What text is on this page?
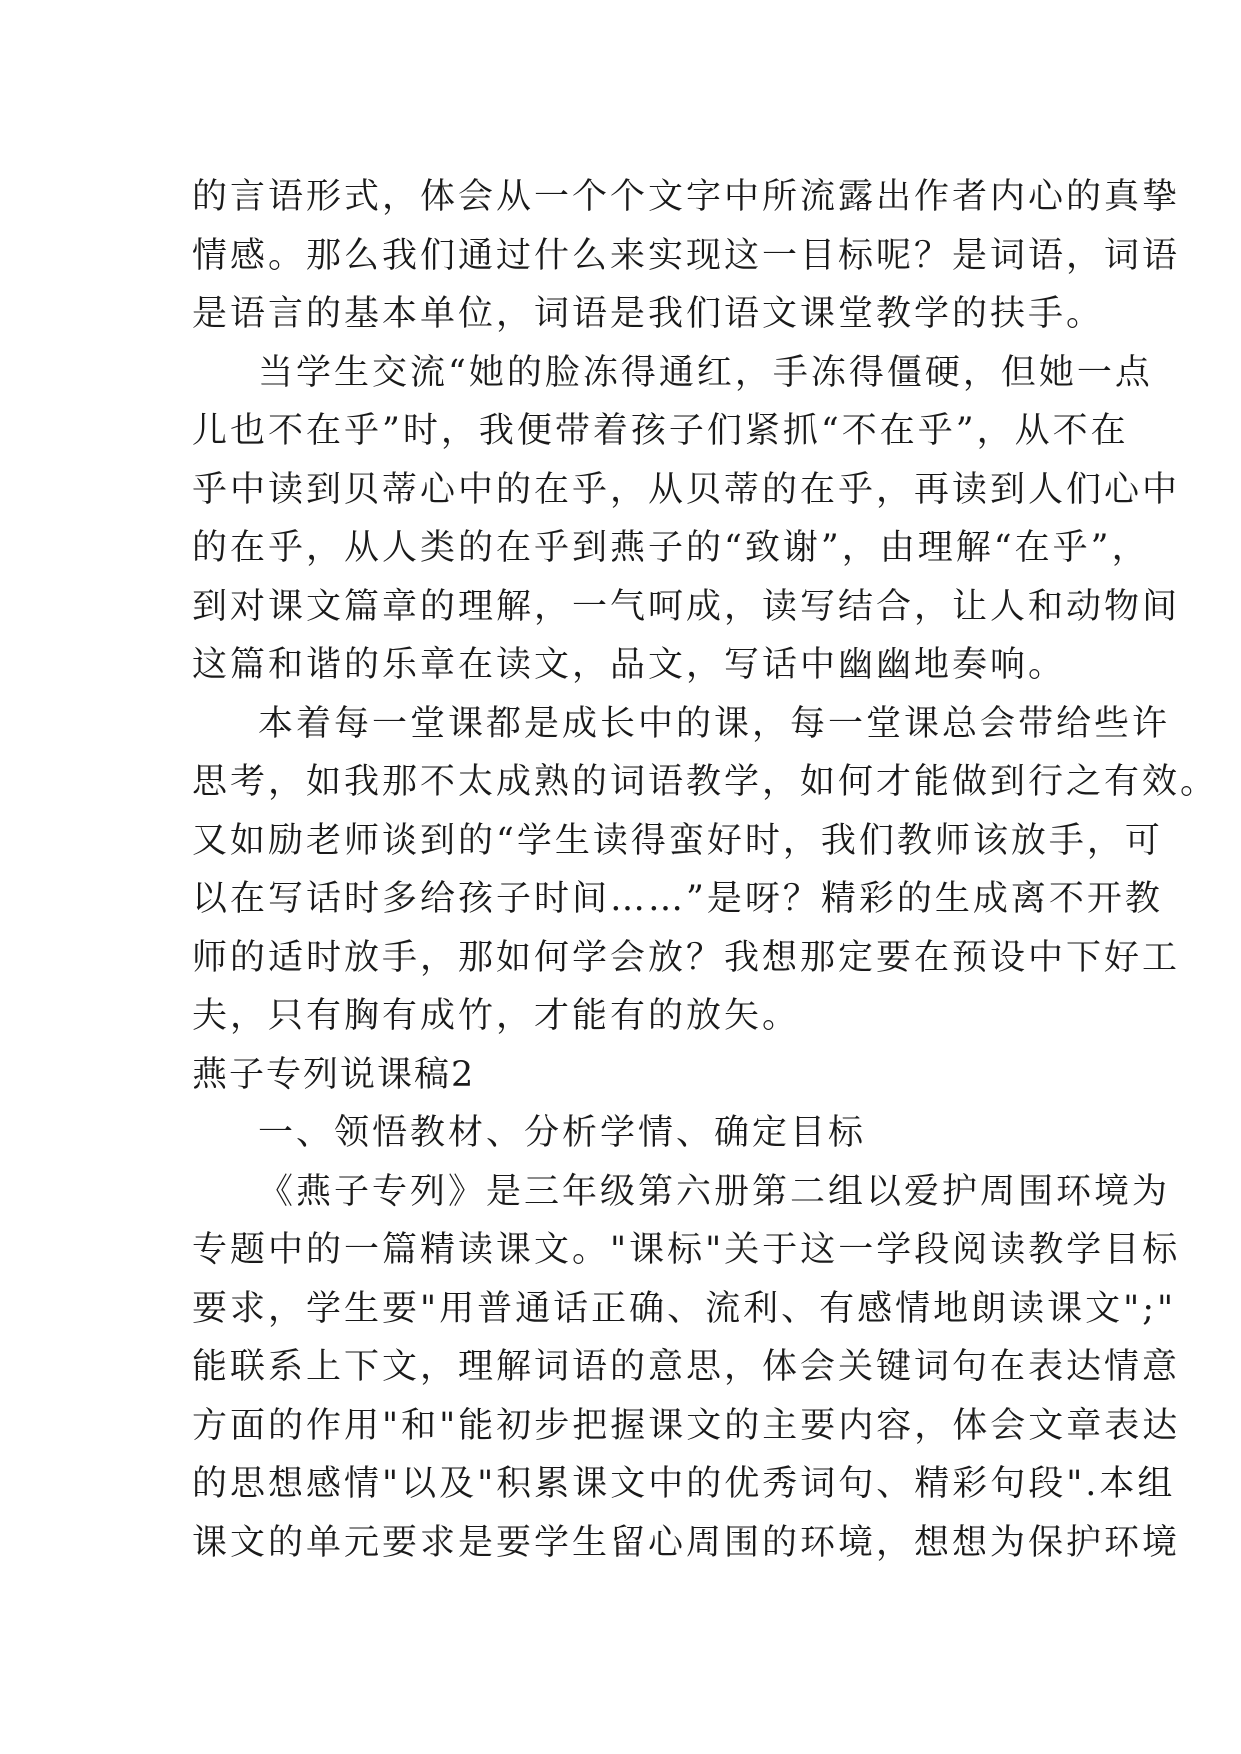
的言语形式，体会从一个个文字中所流露出作者内心的真挚
情感。那么我们通过什么来实现这一目标呢？是词语，词语
是语言的基本单位，词语是我们语文课堂教学的扶手。
当学生交流“她的脸冻得通红，手冻得僵硬，但她一点
儿也不在乎”时，我便带着孩子们紧抓“不在乎”，从不在
乎中读到贝蒂心中的在乎，从贝蒂的在乎，再读到人们心中
的在乎，从人类的在乎到燕子的“致谢”，由理解“在乎”，
到对课文篇章的理解，一气呵成，读写结合，让人和动物间
这篇和谐的乐章在读文，品文，写话中幽幽地奏响。
本着每一堂课都是成长中的课，每一堂课总会带给些许
思考，如我那不太成熟的词语教学，如何才能做到行之有效。
又如励老师谈到的“学生读得蛮好时，我们教师该放手，可
以在写话时多给孩子时间……”是呀？精彩的生成离不开教
师的适时放手，那如何学会放？我想那定要在预设中下好工
夫，只有胸有成竹，才能有的放矢。
燕子专列说课稿2
一、领悟教材、分析学情、确定目标
《燕子专列》是三年级第六册第二组以爱护周围环境为
专题中的一篇精读课文。"课标"关于这一学段阅读教学目标
要求，学生要"用普通话正确、流利、有感情地朗读课文";"
能联系上下文，理解词语的意思，体会关键词句在表达情意
方面的作用"和"能初步把握课文的主要内容，体会文章表达
的思想感情"以及"积累课文中的优秀词句、精彩句段".本组
课文的单元要求是要学生留心周围的环境，想想为保护环境
